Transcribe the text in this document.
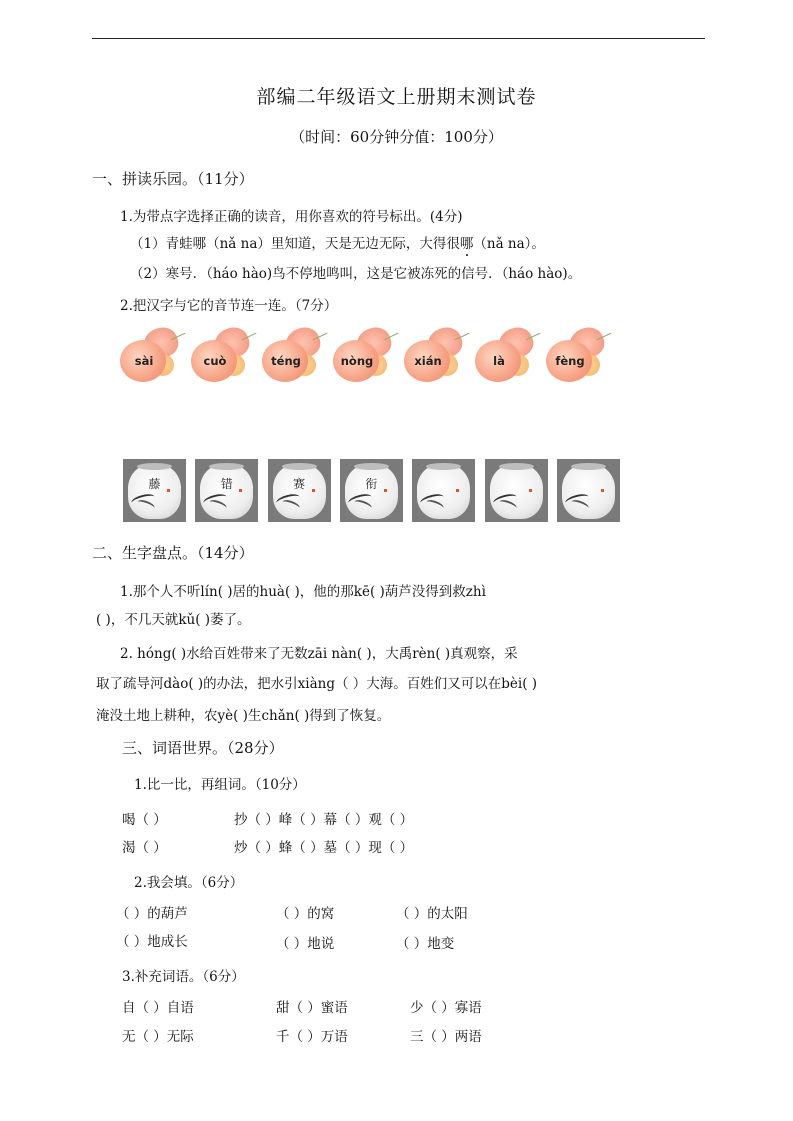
部编二年级语文上册期末测试卷
（时间：60分钟分值：100分）
一、拼读乐园。（11分）
1.为带点字选择正确的读音，用你喜欢的符号标出。(4分)
（1）青蛙哪（nǎ na）里知道，天是无边无际，大得很哪（nǎ na）。
（2）寒号．（háo hào)鸟不停地鸣叫，这是它被冻死的信号．（háo hào)。
2.把汉字与它的音节连一连。（7分）
sài	cuò	téng	nòng	xián	là	fèng
藤	错	赛	衔
二、生字盘点。（14分）
1.那个人不听lín( )居的huà( )，他的那kē( )葫芦没得到救zhì
( )，不几天就kǔ( )萎了。
2. hóng( )水给百姓带来了无数zāi nàn( )，大禹rèn( )真观察，采
取了疏导河dào( )的办法，把水引xiàng（ ）大海。百姓们又可以在bèi( )
淹没土地上耕种，农yè( )生chǎn( )得到了恢复。
三、词语世界。（28分）
1.比一比，再组词。（10分）
喝（ ）	抄（ ）峰（ ）幕（ ）观（ ）
渴（ ）	炒（ ）蜂（ ）墓（ ）现（ ）
2.我会填。（6分）
（ ）的葫芦	（ ）的窝	（ ）的太阳
（ ）地成长	（ ）地说	（ ）地变
3.补充词语。（6分）
自（ ）自语	甜（ ）蜜语	少（ ）寡语
无（ ）无际	千（ ）万语	三（ ）两语
